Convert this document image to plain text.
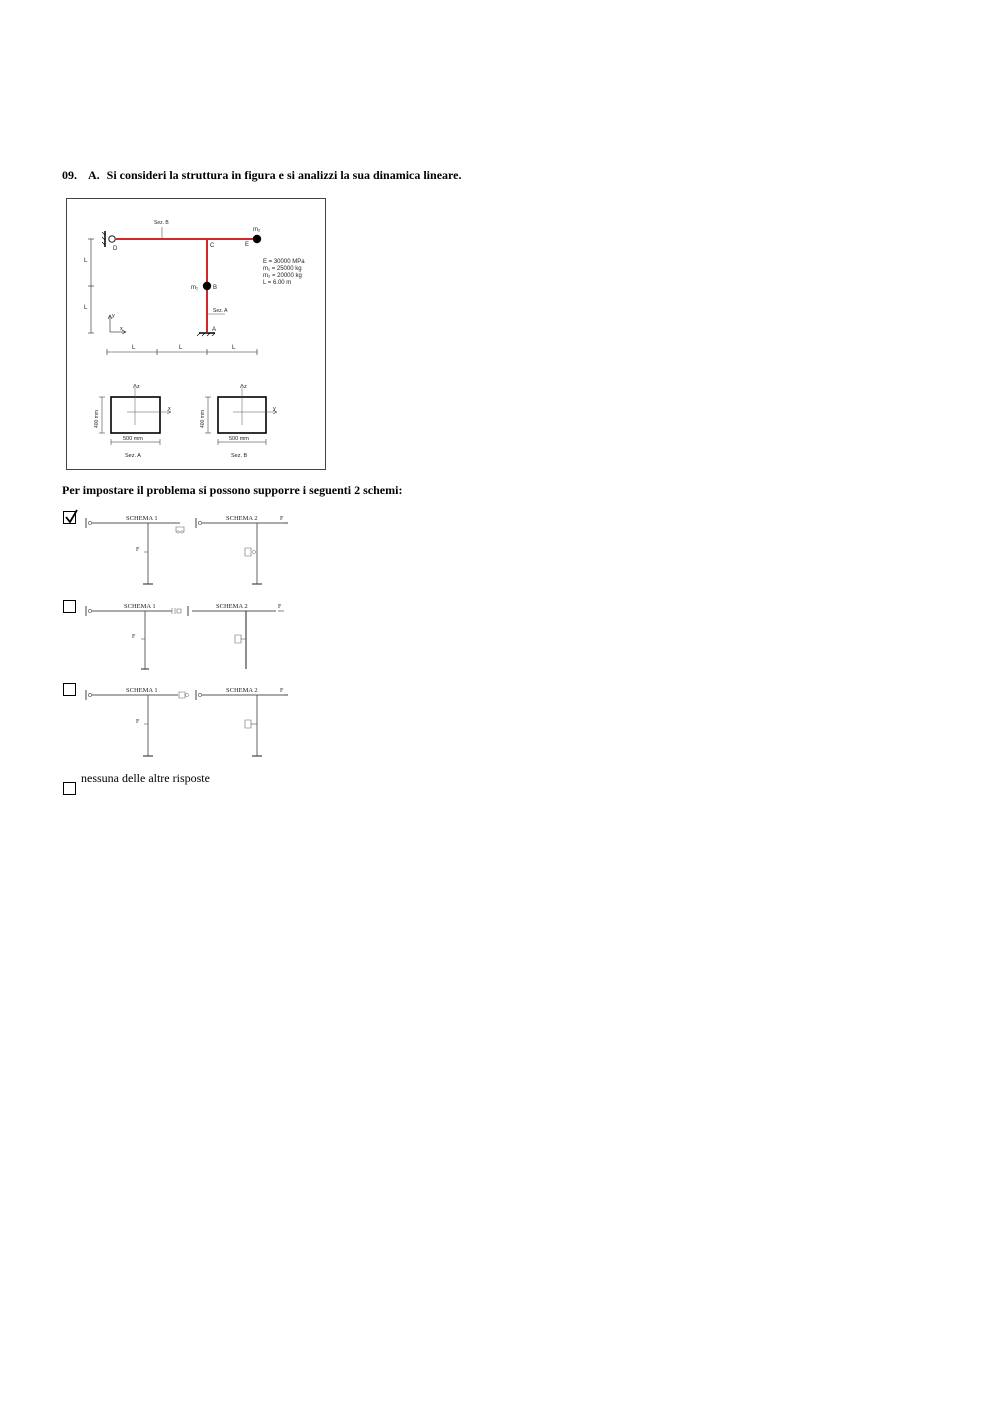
09. A. Si consideri la struttura in figura e si analizzi la sua dinamica lineare.
Sez. B
Sez. A
C
D
E
B
A
m₁
m₂
E = 30000 MPa
m₁ = 25000 kg
m₂ = 20000 kg
L = 6.00 m
L
L
y
x
L	L	L
z
x
400 mm
500 mm
Sez. A
z
y
400 mm
500 mm
Sez. B
Per impostare il problema si possono supporre i seguenti 2 schemi:
SCHEMA 1
F
SCHEMA 2	F
SCHEMA 1
F
SCHEMA 2	F
SCHEMA 1
F
SCHEMA 2	F
nessuna delle altre risposte
